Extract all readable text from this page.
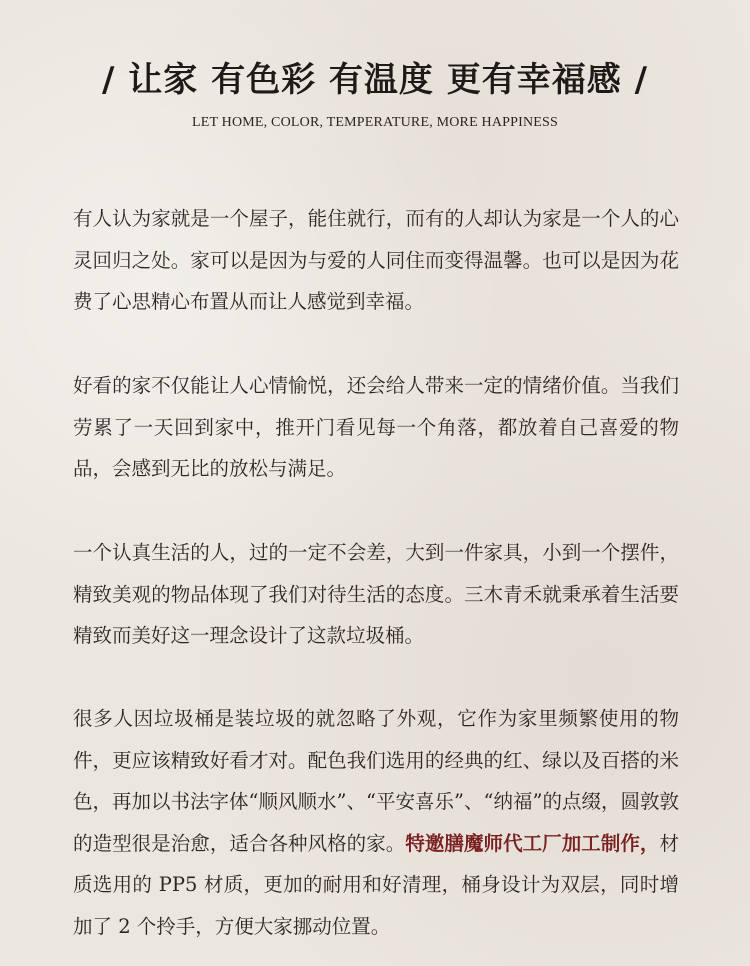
/ 让家 有色彩 有温度 更有幸福感 /
LET HOME, COLOR, TEMPERATURE, MORE HAPPINESS

有人认为家就是一个屋子，能住就行，而有的人却认为家是一个人的心灵回归之处。家可以是因为与爱的人同住而变得温馨。也可以是因为花费了心思精心布置从而让人感觉到幸福。

好看的家不仅能让人心情愉悦，还会给人带来一定的情绪价值。当我们劳累了一天回到家中，推开门看见每一个角落，都放着自己喜爱的物品，会感到无比的放松与满足。

一个认真生活的人，过的一定不会差，大到一件家具，小到一个摆件，精致美观的物品体现了我们对待生活的态度。三木青禾就秉承着生活要精致而美好这一理念设计了这款垃圾桶。

很多人因垃圾桶是装垃圾的就忽略了外观，它作为家里频繁使用的物件，更应该精致好看才对。配色我们选用的经典的红、绿以及百搭的米色，再加以书法字体“顺风顺水”、“平安喜乐”、“纳福”的点缀，圆敦敦的造型很是治愈，适合各种风格的家。特邀膳魔师代工厂加工制作，材质选用的 PP5 材质，更加的耐用和好清理，桶身设计为双层，同时增加了 2 个拎手，方便大家挪动位置。
